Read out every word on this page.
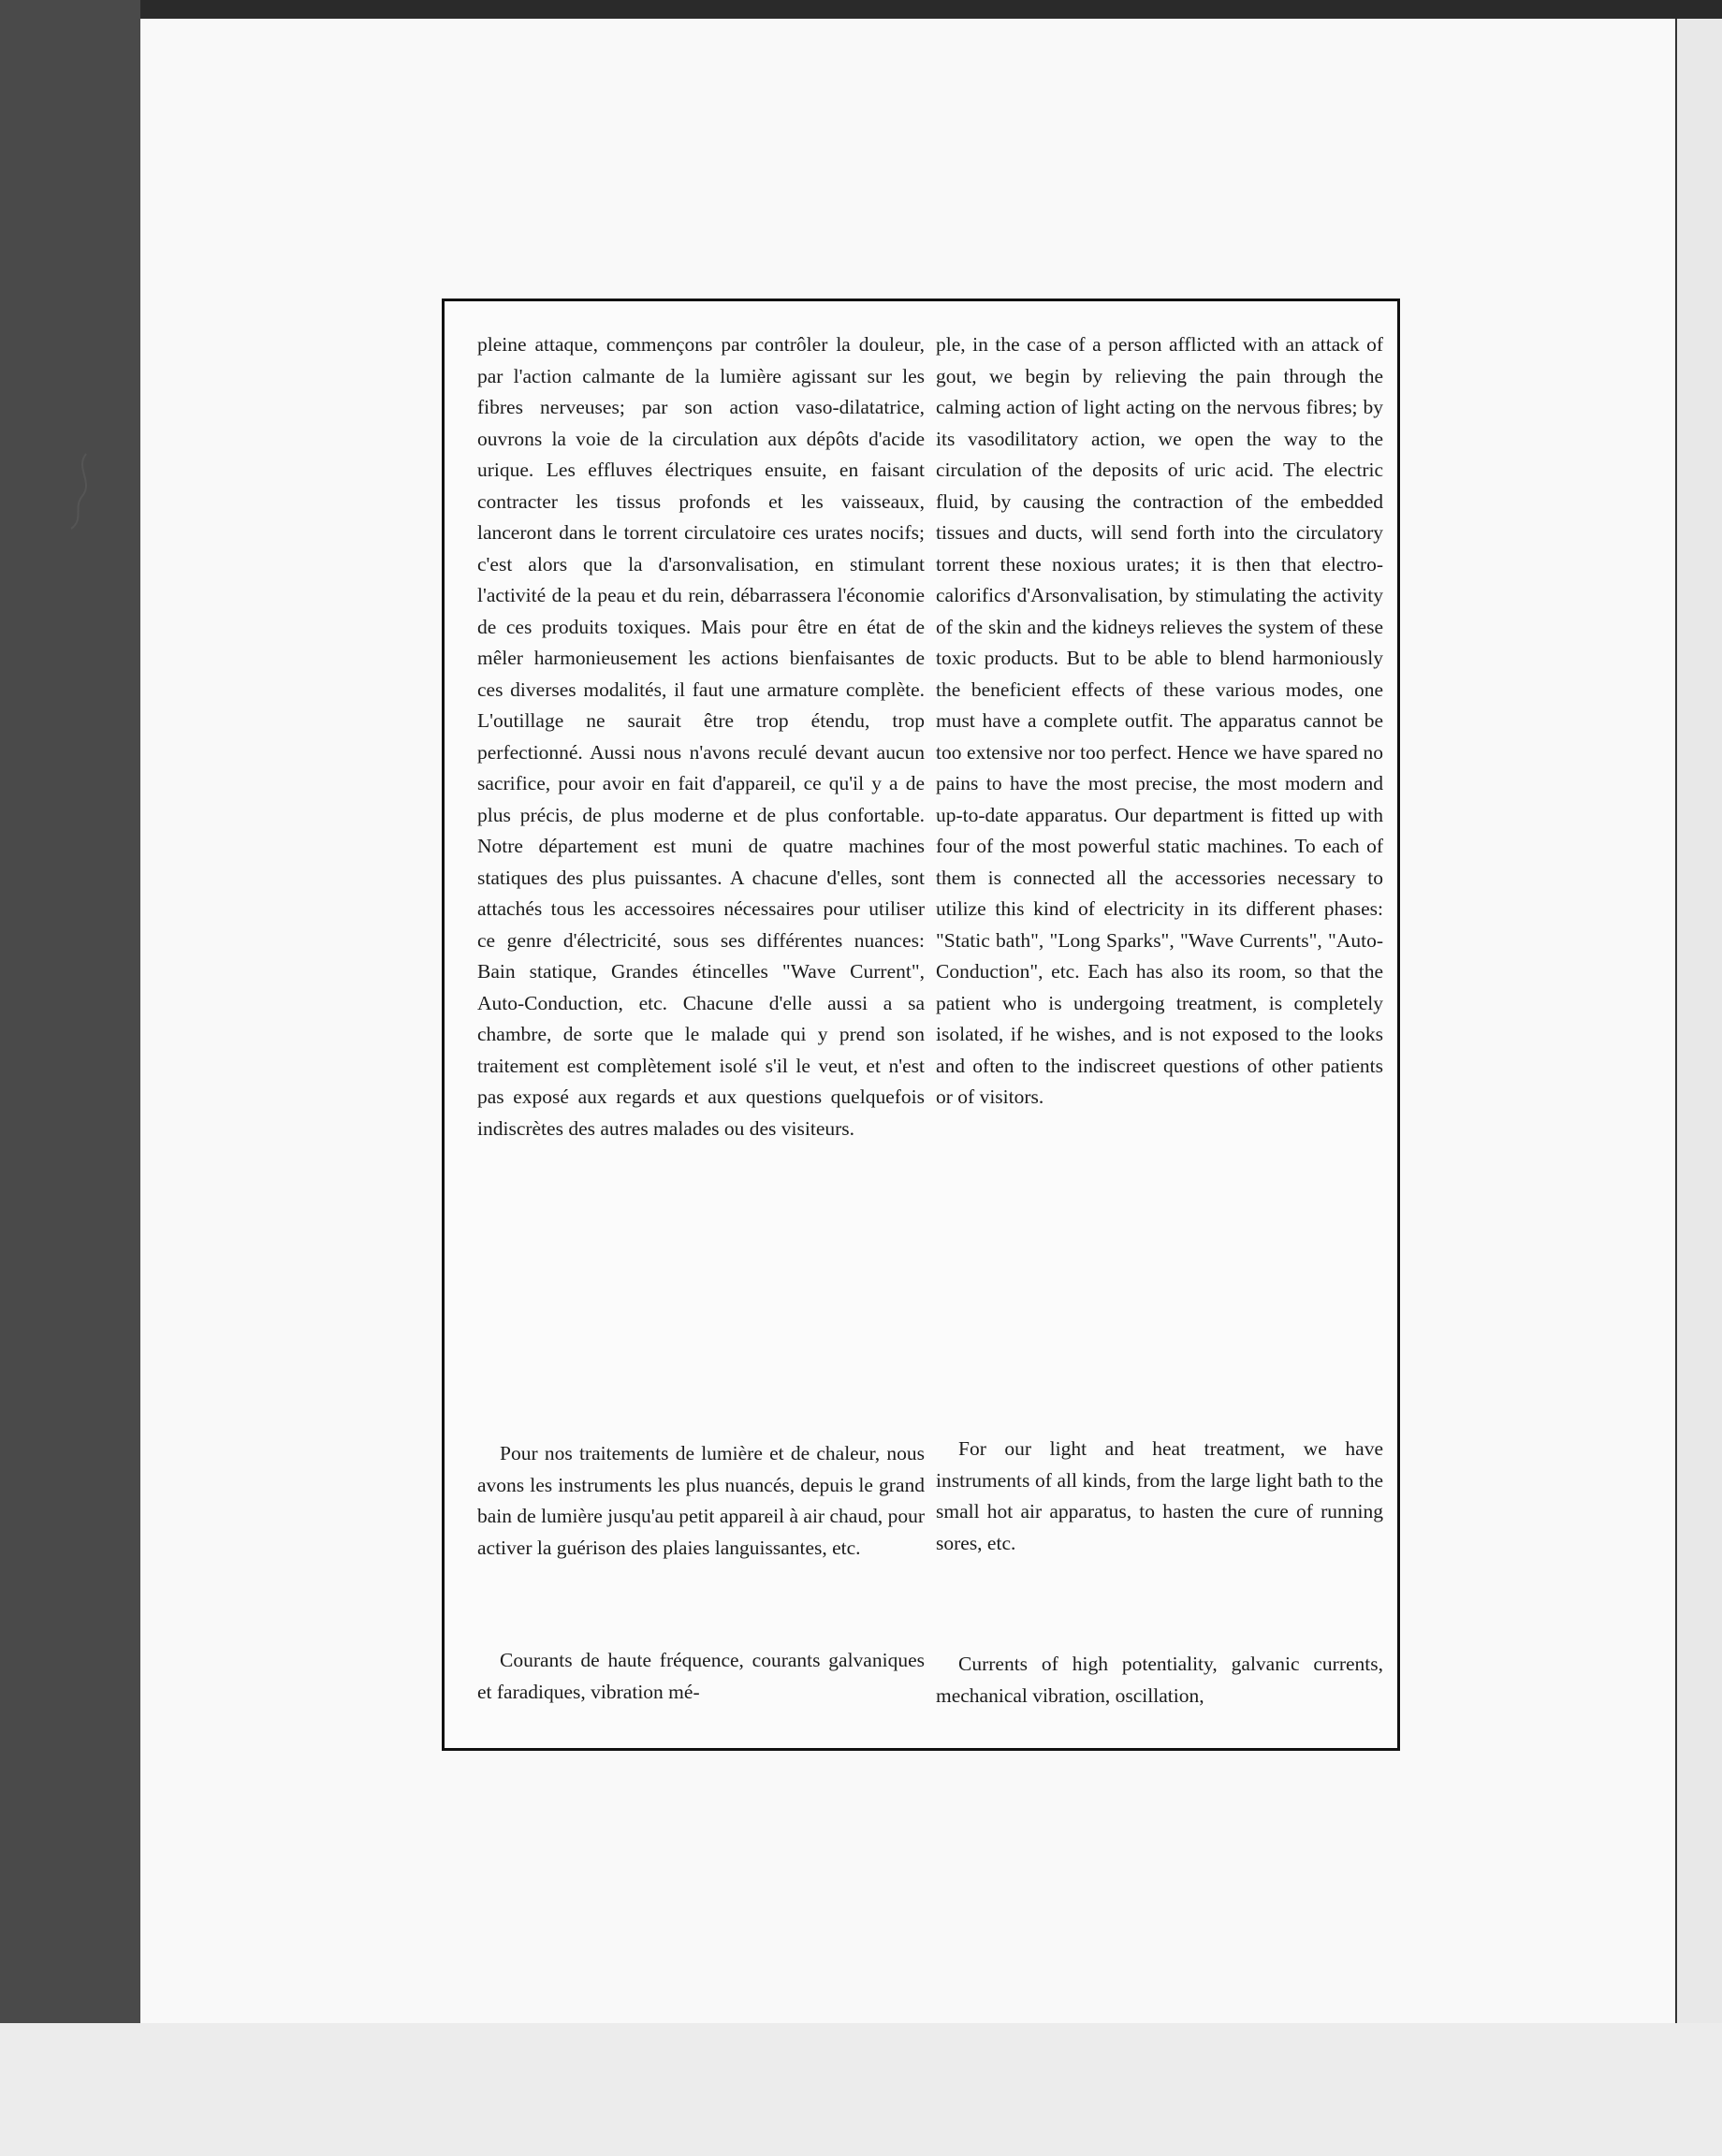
pleine attaque, commençons par contrôler la douleur, par l'action calmante de la lumière agissant sur les fibres nerveuses; par son action vaso-dilatatrice, ouvrons la voie de la circulation aux dépôts d'acide urique. Les effluves électriques ensuite, en faisant contracter les tissus profonds et les vaisseaux, lanceront dans le torrent circulatoire ces urates nocifs; c'est alors que la d'arsonvalisation, en stimulant l'activité de la peau et du rein, débarrassera l'économie de ces produits toxiques. Mais pour être en état de mêler harmonieusement les actions bienfaisantes de ces diverses modalités, il faut une armature complète. L'outillage ne saurait être trop étendu, trop perfectionné. Aussi nous n'avons reculé devant aucun sacrifice, pour avoir en fait d'appareil, ce qu'il y a de plus précis, de plus moderne et de plus confortable. Notre département est muni de quatre machines statiques des plus puissantes. A chacune d'elles, sont attachés tous les accessoires nécessaires pour utiliser ce genre d'électricité, sous ses différentes nuances: Bain statique, Grandes étincelles "Wave Current", Auto-Conduction, etc. Chacune d'elle aussi a sa chambre, de sorte que le malade qui y prend son traitement est complètement isolé s'il le veut, et n'est pas exposé aux regards et aux questions quelquefois indiscrètes des autres malades ou des visiteurs.

Pour nos traitements de lumière et de chaleur, nous avons les instruments les plus nuancés, depuis le grand bain de lumière jusqu'au petit appareil à air chaud, pour activer la guérison des plaies languissantes, etc.

Courants de haute fréquence, courants galvaniques et faradiques, vibration mé-

ple, in the case of a person afflicted with an attack of gout, we begin by relieving the pain through the calming action of light acting on the nervous fibres; by its vasodilitatory action, we open the way to the circulation of the deposits of uric acid. The electric fluid, by causing the contraction of the embedded tissues and ducts, will send forth into the circulatory torrent these noxious urates; it is then that electro-calorifics d'Arsonvalisation, by stimulating the activity of the skin and the kidneys relieves the system of these toxic products. But to be able to blend harmoniously the beneficient effects of these various modes, one must have a complete outfit. The apparatus cannot be too extensive nor too perfect. Hence we have spared no pains to have the most precise, the most modern and up-to-date apparatus. Our department is fitted up with four of the most powerful static machines. To each of them is connected all the accessories necessary to utilize this kind of electricity in its different phases: "Static bath", "Long Sparks", "Wave Currents", "Auto-Conduction", etc. Each has also its room, so that the patient who is undergoing treatment, is completely isolated, if he wishes, and is not exposed to the looks and often to the indiscreet questions of other patients or of visitors.

For our light and heat treatment, we have instruments of all kinds, from the large light bath to the small hot air apparatus, to hasten the cure of running sores, etc.

Currents of high potentiality, galvanic currents, mechanical vibration, oscillation,
